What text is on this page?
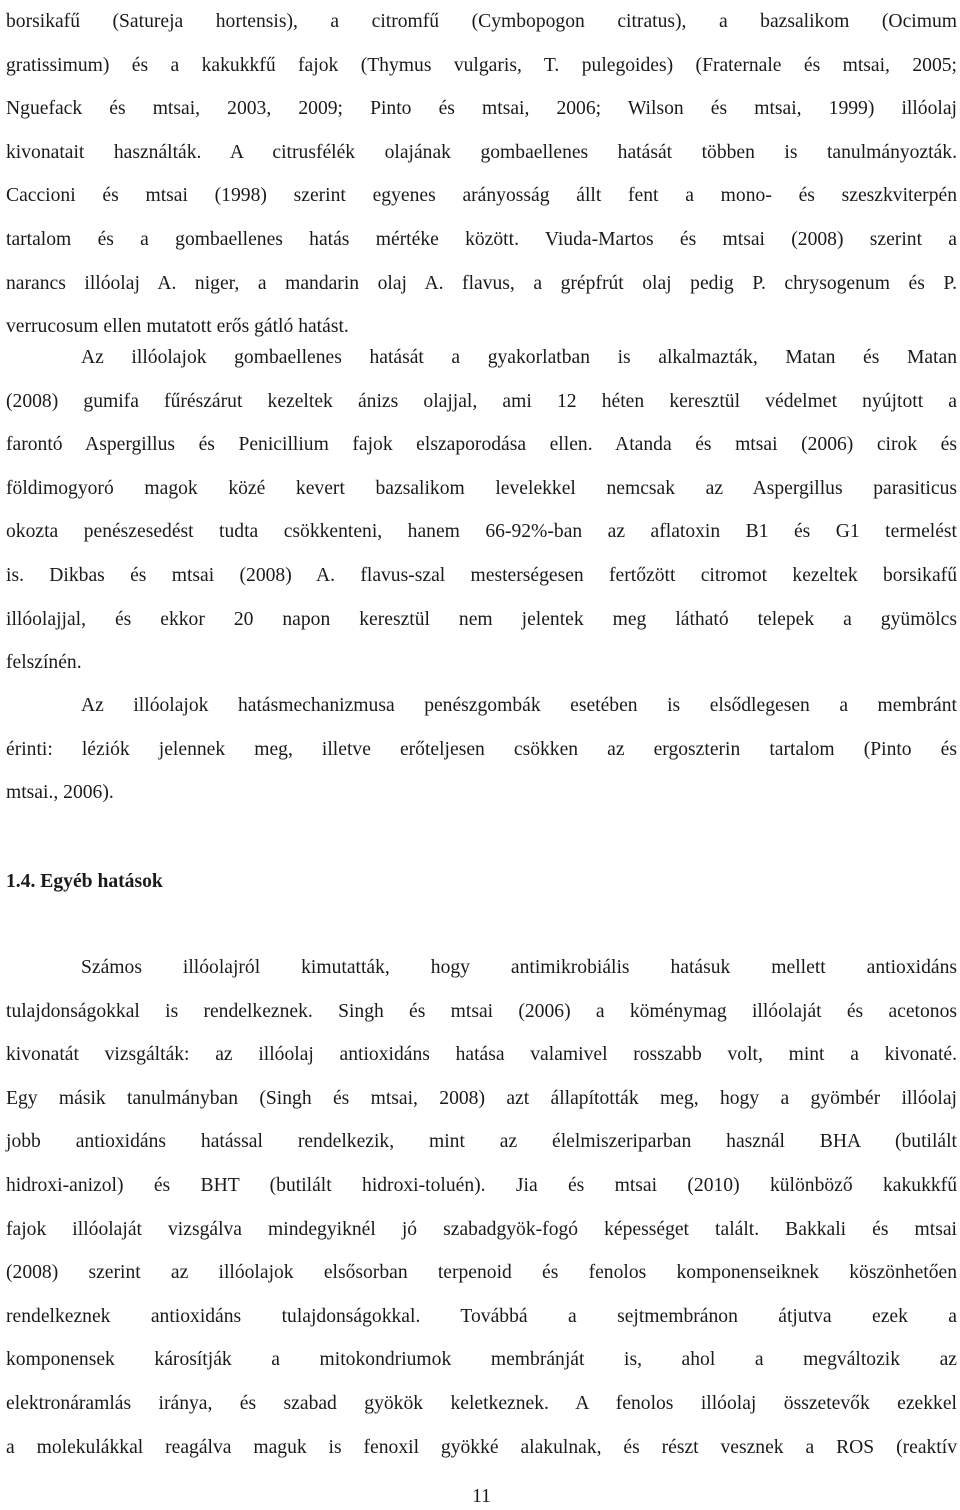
borsikafű (Satureja hortensis), a citromfű (Cymbopogon citratus), a bazsalikom (Ocimum
gratissimum) és a kakukkfű fajok (Thymus vulgaris, T. pulegoides) (Fraternale és mtsai, 2005;
Nguefack és mtsai, 2003, 2009; Pinto és mtsai, 2006; Wilson és mtsai, 1999) illóolaj
kivonatait használták. A citrusfélék olajának gombaellenes hatását többen is tanulmányozták.
Caccioni és mtsai (1998) szerint egyenes arányosság állt fent a mono- és szeszkviterpén
tartalom és a gombaellenes hatás mértéke között. Viuda-Martos és mtsai (2008) szerint a
narancs illóolaj A. niger, a mandarin olaj A. flavus, a grépfrút olaj pedig P. chrysogenum és P.
verrucosum ellen mutatott erős gátló hatást.
Az illóolajok gombaellenes hatását a gyakorlatban is alkalmazták, Matan és Matan
(2008) gumifa fűrészárut kezeltek ánizs olajjal, ami 12 héten keresztül védelmet nyújtott a
farontó Aspergillus és Penicillium fajok elszaporodása ellen. Atanda és mtsai (2006) cirok és
földimogyoró magok közé kevert bazsalikom levelekkel nemcsak az Aspergillus parasiticus
okozta penészesedést tudta csökkenteni, hanem 66-92%-ban az aflatoxin B1 és G1 termelést
is. Dikbas és mtsai (2008) A. flavus-szal mesterségesen fertőzött citromot kezeltek borsikafű
illóolajjal, és ekkor 20 napon keresztül nem jelentek meg látható telepek a gyümölcs
felszínén.
Az illóolajok hatásmechanizmusa penészgombák esetében is elsődlegesen a membránt
érinti: léziók jelennek meg, illetve erőteljesen csökken az ergoszterin tartalom (Pinto és
mtsai., 2006).
1.4. Egyéb hatások
Számos illóolajról kimutatták, hogy antimikrobiális hatásuk mellett antioxidáns
tulajdonságokkal is rendelkeznek. Singh és mtsai (2006) a köménymag illóolaját és acetonos
kivonatát vizsgálták: az illóolaj antioxidáns hatása valamivel rosszabb volt, mint a kivonaté.
Egy másik tanulmányban (Singh és mtsai, 2008) azt állapították meg, hogy a gyömbér illóolaj
jobb antioxidáns hatással rendelkezik, mint az élelmiszeriparban használ BHA (butilált
hidroxi-anizol) és BHT (butilált hidroxi-toluén). Jia és mtsai (2010) különböző kakukkfű
fajok illóolaját vizsgálva mindegyiknél jó szabadgyök-fogó képességet talált. Bakkali és mtsai
(2008) szerint az illóolajok elsősorban terpenoid és fenolos komponenseiknek köszönhetően
rendelkeznek antioxidáns tulajdonságokkal. Továbbá a sejtmembránon átjutva ezek a
komponensek károsítják a mitokondriumok membránját is, ahol a megváltozik az
elektronáramlás iránya, és szabad gyökök keletkeznek. A fenolos illóolaj összetevők ezekkel
a molekulákkal reagálva maguk is fenoxil gyökké alakulnak, és részt vesznek a ROS (reaktív
11
